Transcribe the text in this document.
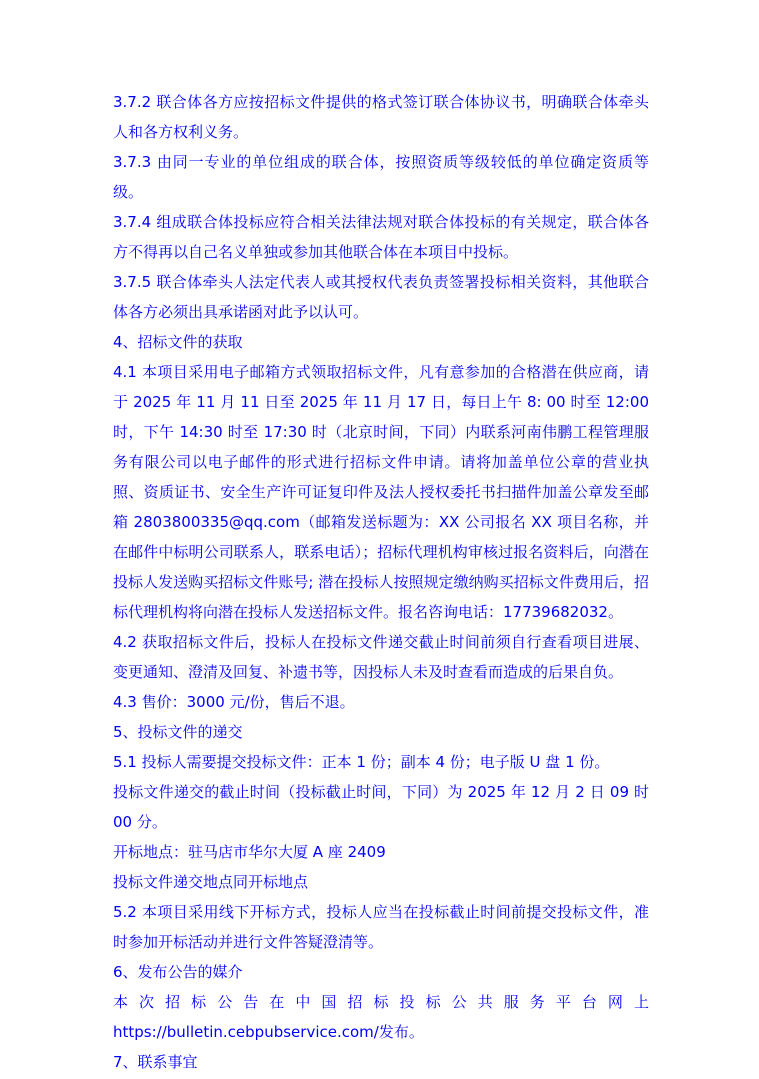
3.7.2 联合体各方应按招标文件提供的格式签订联合体协议书，明确联合体牵头人和各方权利义务。

3.7.3 由同一专业的单位组成的联合体，按照资质等级较低的单位确定资质等级。

3.7.4 组成联合体投标应符合相关法律法规对联合体投标的有关规定，联合体各方不得再以自己名义单独或参加其他联合体在本项目中投标。

3.7.5 联合体牵头人法定代表人或其授权代表负责签署投标相关资料，其他联合体各方必须出具承诺函对此予以认可。

4、招标文件的获取

4.1 本项目采用电子邮箱方式领取招标文件，凡有意参加的合格潜在供应商，请于 2025 年 11 月 11 日至 2025 年 11 月 17 日，每日上午 8: 00 时至 12:00 时，下午 14:30 时至 17:30 时（北京时间，下同）内联系河南伟鹏工程管理服务有限公司以电子邮件的形式进行招标文件申请。请将加盖单位公章的营业执照、资质证书、安全生产许可证复印件及法人授权委托书扫描件加盖公章发至邮箱 2803800335@qq.com（邮箱发送标题为：XX 公司报名 XX 项目名称，并在邮件中标明公司联系人，联系电话）；招标代理机构审核过报名资料后，向潜在投标人发送购买招标文件账号; 潜在投标人按照规定缴纳购买招标文件费用后，招标代理机构将向潜在投标人发送招标文件。报名咨询电话：17739682032。

4.2 获取招标文件后，投标人在投标文件递交截止时间前须自行查看项目进展、变更通知、澄清及回复、补遗书等，因投标人未及时查看而造成的后果自负。

4.3 售价：3000 元/份，售后不退。

5、投标文件的递交

5.1 投标人需要提交投标文件：正本 1 份；副本 4 份；电子版 U 盘 1 份。

投标文件递交的截止时间（投标截止时间，下同）为 2025 年 12 月 2 日 09 时 00 分。

开标地点：驻马店市华尔大厦 A 座 2409

投标文件递交地点同开标地点

5.2 本项目采用线下开标方式，投标人应当在投标截止时间前提交投标文件，准时参加开标活动并进行文件答疑澄清等。

6、发布公告的媒介

本次招标公告在中国招标投标公共服务平台网上https://bulletin.cebpubservice.com/发布。

7、联系事宜
